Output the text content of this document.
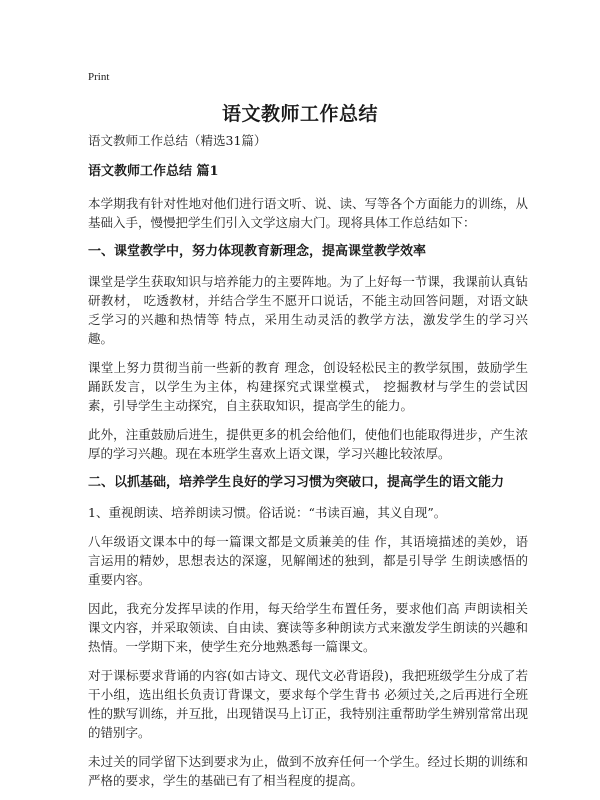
Print
语文教师工作总结

语文教师工作总结（精选31篇）

语文教师工作总结 篇1

本学期我有针对性地对他们进行语文听、说、读、写等各个方面能力的训练，从基础入手，慢慢把学生们引入文学这扇大门。现将具体工作总结如下：

一、课堂教学中，努力体现教育新理念，提高课堂教学效率

课堂是学生获取知识与培养能力的主要阵地。为了上好每一节课，我课前认真钻研教材， 吃透教材，并结合学生不愿开口说话，不能主动回答问题，对语文缺乏学习的兴趣和热情等 特点，采用生动灵活的教学方法，激发学生的学习兴趣。

课堂上努力贯彻当前一些新的教育 理念，创设轻松民主的教学氛围，鼓励学生踊跃发言，以学生为主体，构建探究式课堂模式， 挖掘教材与学生的尝试因素，引导学生主动探究，自主获取知识，提高学生的能力。

此外，注重鼓励后进生，提供更多的机会给他们，使他们也能取得进步，产生浓厚的学习兴趣。现在本班学生喜欢上语文课，学习兴趣比较浓厚。

二、以抓基础，培养学生良好的学习习惯为突破口，提高学生的语文能力

1、重视朗读、培养朗读习惯。俗话说：“书读百遍，其义自现”。

八年级语文课本中的每一篇课文都是文质兼美的佳 作，其语境描述的美妙，语言运用的精妙，思想表达的深邃，见解阐述的独到，都是引导学 生朗读感悟的重要内容。

因此，我充分发挥早读的作用，每天给学生布置任务，要求他们高 声朗读相关课文内容，并采取领读、自由读、赛读等多种朗读方式来激发学生朗读的兴趣和热情。一学期下来，使学生充分地熟悉每一篇课文。

对于课标要求背诵的内容(如古诗文、现代文必背语段)，我把班级学生分成了若干小组，选出组长负责订背课文，要求每个学生背书 必须过关,之后再进行全班性的默写训练，并互批，出现错误马上订正，我特别注重帮助学生辨别常常出现的错别字。

未过关的同学留下达到要求为止，做到不放弃任何一个学生。经过长期的训练和严格的要求，学生的基础已有了相当程度的提高。
